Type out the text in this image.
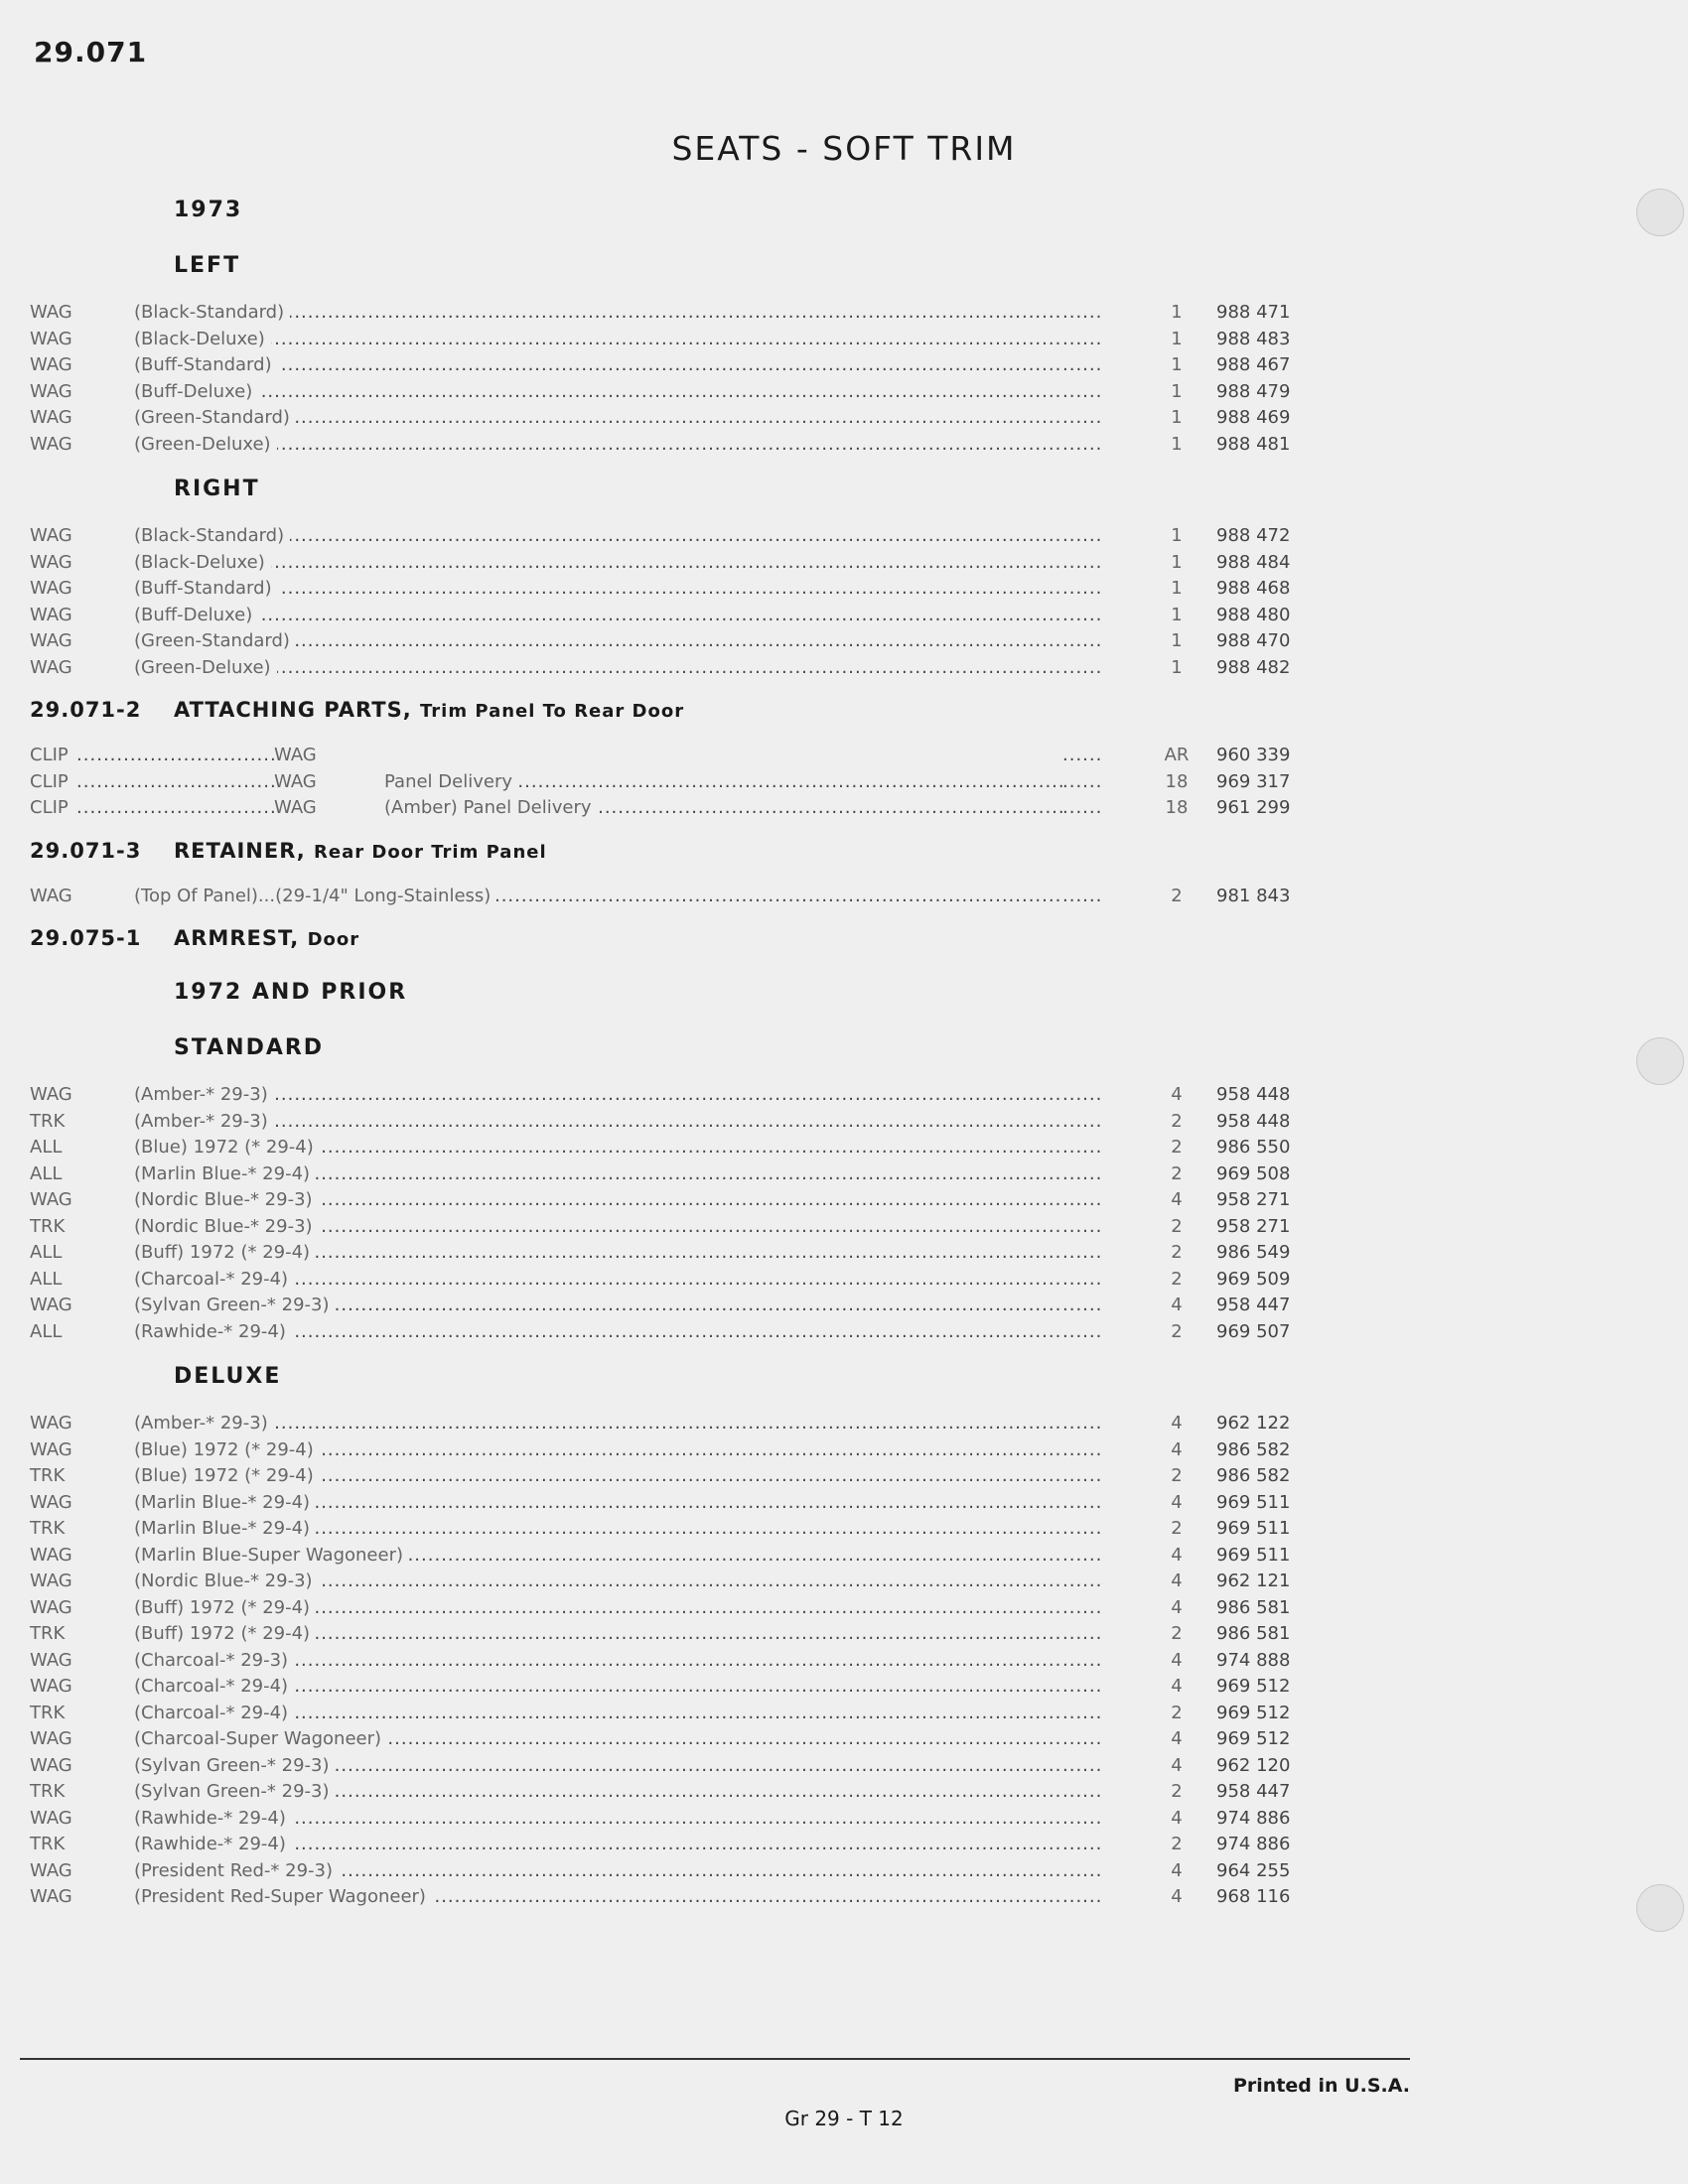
29.071
SEATS - SOFT TRIM
1973
LEFT
WAG	(Black-Standard) .....	......	1	988 471
WAG	(Black-Deluxe) .....	......	1	988 483
WAG	(Buff-Standard) .....	......	1	988 467
WAG	(Buff-Deluxe) .....	......	1	988 479
WAG	(Green-Standard) .....	......	1	988 469
WAG	(Green-Deluxe) .....	......	1	988 481
RIGHT
WAG	(Black-Standard) .....	......	1	988 472
WAG	(Black-Deluxe) .....	......	1	988 484
WAG	(Buff-Standard) .....	......	1	988 468
WAG	(Buff-Deluxe) .....	......	1	988 480
WAG	(Green-Standard) .....	......	1	988 470
WAG	(Green-Deluxe) .....	......	1	988 482
29.071-2 ATTACHING PARTS, Trim Panel To Rear Door
CLIP .....	WAG	......	AR	960 339
CLIP .....	WAG	Panel Delivery .....	......	18	969 317
CLIP .....	WAG	(Amber) Panel Delivery .....	......	18	961 299
29.071-3 RETAINER, Rear Door Trim Panel
WAG	(Top Of Panel)...(29-1/4" Long-Stainless) .....	......	2	981 843
29.075-1 ARMREST, Door
1972 AND PRIOR
STANDARD
WAG	(Amber-* 29-3) .....	......	4	958 448
TRK	(Amber-* 29-3) .....	......	2	958 448
ALL	(Blue) 1972 (* 29-4) .....	......	2	986 550
ALL	(Marlin Blue-* 29-4) .....	......	2	969 508
WAG	(Nordic Blue-* 29-3) .....	......	4	958 271
TRK	(Nordic Blue-* 29-3) .....	......	2	958 271
ALL	(Buff) 1972 (* 29-4) .....	......	2	986 549
ALL	(Charcoal-* 29-4) .....	......	2	969 509
WAG	(Sylvan Green-* 29-3) .....	......	4	958 447
ALL	(Rawhide-* 29-4) .....	......	2	969 507
DELUXE
WAG	(Amber-* 29-3) .....	......	4	962 122
WAG	(Blue) 1972 (* 29-4) .....	......	4	986 582
TRK	(Blue) 1972 (* 29-4) .....	......	2	986 582
WAG	(Marlin Blue-* 29-4) .....	......	4	969 511
TRK	(Marlin Blue-* 29-4) .....	......	2	969 511
WAG	(Marlin Blue-Super Wagoneer) .....	......	4	969 511
WAG	(Nordic Blue-* 29-3) .....	......	4	962 121
WAG	(Buff) 1972 (* 29-4) .....	......	4	986 581
TRK	(Buff) 1972 (* 29-4) .....	......	2	986 581
WAG	(Charcoal-* 29-3) .....	......	4	974 888
WAG	(Charcoal-* 29-4) .....	......	4	969 512
TRK	(Charcoal-* 29-4) .....	......	2	969 512
WAG	(Charcoal-Super Wagoneer) .....	......	4	969 512
WAG	(Sylvan Green-* 29-3) .....	......	4	962 120
TRK	(Sylvan Green-* 29-3) .....	......	2	958 447
WAG	(Rawhide-* 29-4) .....	......	4	974 886
TRK	(Rawhide-* 29-4) .....	......	2	974 886
WAG	(President Red-* 29-3) .....	......	4	964 255
WAG	(President Red-Super Wagoneer) .....	......	4	968 116
Printed in U.S.A.
Gr 29 - T 12
